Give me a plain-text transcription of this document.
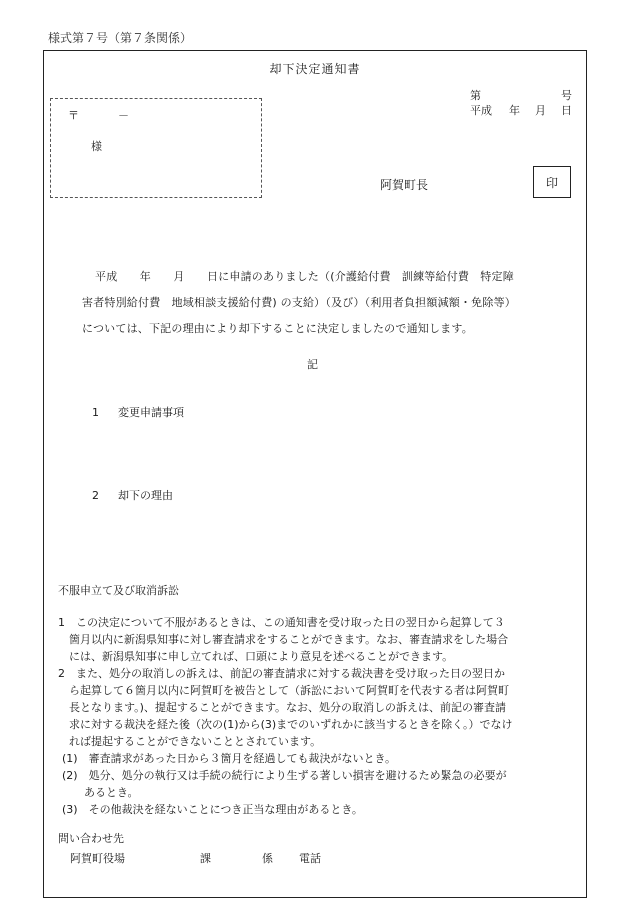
様式第７号（第７条関係）
却下決定通知書
第	号
平成 年 月 日
〒	－
様
阿賀町長	印
平成　　年　　月　　日に申請のありました（(介護給付費　訓練等給付費　特定障
害者特別給付費　地域相談支援給付費) の支給）（及び）（利用者負担額減額・免除等）
については、下記の理由により却下することに決定しましたので通知します。
記
1 変更申請事項
2 却下の理由
不服申立て及び取消訴訟
1　この決定について不服があるときは、この通知書を受け取った日の翌日から起算して３
　箇月以内に新潟県知事に対し審査請求をすることができます。なお、審査請求をした場合
　には、新潟県知事に申し立てれば、口頭により意見を述べることができます。
2　また、処分の取消しの訴えは、前記の審査請求に対する裁決書を受け取った日の翌日か
　ら起算して６箇月以内に阿賀町を被告として（訴訟において阿賀町を代表する者は阿賀町
　長となります。)、提起することができます。なお、処分の取消しの訴えは、前記の審査請
　求に対する裁決を経た後（次の(1)から(3)までのいずれかに該当するときを除く。）でなけ
　れば提起することができないこととされています。
(1)　審査請求があった日から３箇月を経過しても裁決がないとき。
(2)　処分、処分の執行又は手続の続行により生ずる著しい損害を避けるため緊急の必要が
　　あるとき。
(3)　その他裁決を経ないことにつき正当な理由があるとき。
問い合わせ先
阿賀町役場	課	係 電話
